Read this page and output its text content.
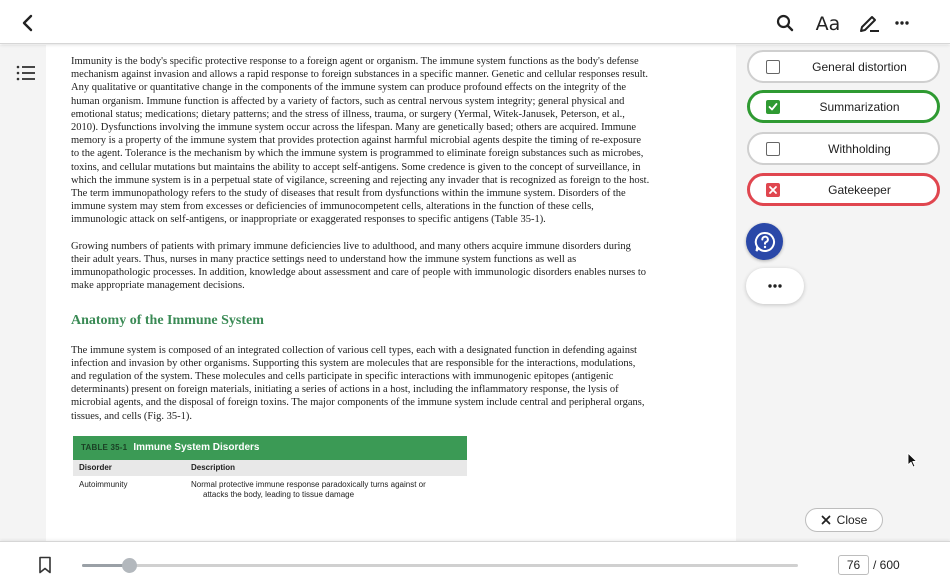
Aa

Immunity is the body's specific protective response to a foreign agent or organism. The immune system functions as the body's defense mechanism against invasion and allows a rapid response to foreign substances in a specific manner. Genetic and cellular responses result. Any qualitative or quantitative change in the components of the immune system can produce profound effects on the integrity of the human organism. Immune function is affected by a variety of factors, such as central nervous system integrity; general physical and emotional status; medications; dietary patterns; and the stress of illness, trauma, or surgery (Yermal, Witek-Janusek, Peterson, et al., 2010). Dysfunctions involving the immune system occur across the lifespan. Many are genetically based; others are acquired. Immune memory is a property of the immune system that provides protection against harmful microbial agents despite the timing of re-exposure to the agent. Tolerance is the mechanism by which the immune system is programmed to eliminate foreign substances such as microbes, toxins, and cellular mutations but maintains the ability to accept self-antigens. Some credence is given to the concept of surveillance, in which the immune system is in a perpetual state of vigilance, screening and rejecting any invader that is recognized as foreign to the host. The term immunopathology refers to the study of diseases that result from dysfunctions within the immune system. Disorders of the immune system may stem from excesses or deficiencies of immunocompetent cells, alterations in the function of these cells, immunologic attack on self-antigens, or inappropriate or exaggerated responses to specific antigens (Table 35-1).

Growing numbers of patients with primary immune deficiencies live to adulthood, and many others acquire immune disorders during their adult years. Thus, nurses in many practice settings need to understand how the immune system functions as well as immunopathologic processes. In addition, knowledge about assessment and care of people with immunologic disorders enables nurses to make appropriate management decisions.

Anatomy of the Immune System

The immune system is composed of an integrated collection of various cell types, each with a designated function in defending against infection and invasion by other organisms. Supporting this system are molecules that are responsible for the interactions, modulations, and regulation of the system. These molecules and cells participate in specific interactions with immunogenic epitopes (antigenic determinants) present on foreign materials, initiating a series of actions in a host, including the inflammatory response, the lysis of microbial agents, and the disposal of foreign toxins. The major components of the immune system include central and peripheral organs, tissues, and cells (Fig. 35-1).

TABLE 35-1 Immune System Disorders
Disorder	Description
Autoimmunity	Normal protective immune response paradoxically turns against or
attacks the body, leading to tissue damage
General distortion
Summarization
Withholding
Gatekeeper
Close
76	/ 600
